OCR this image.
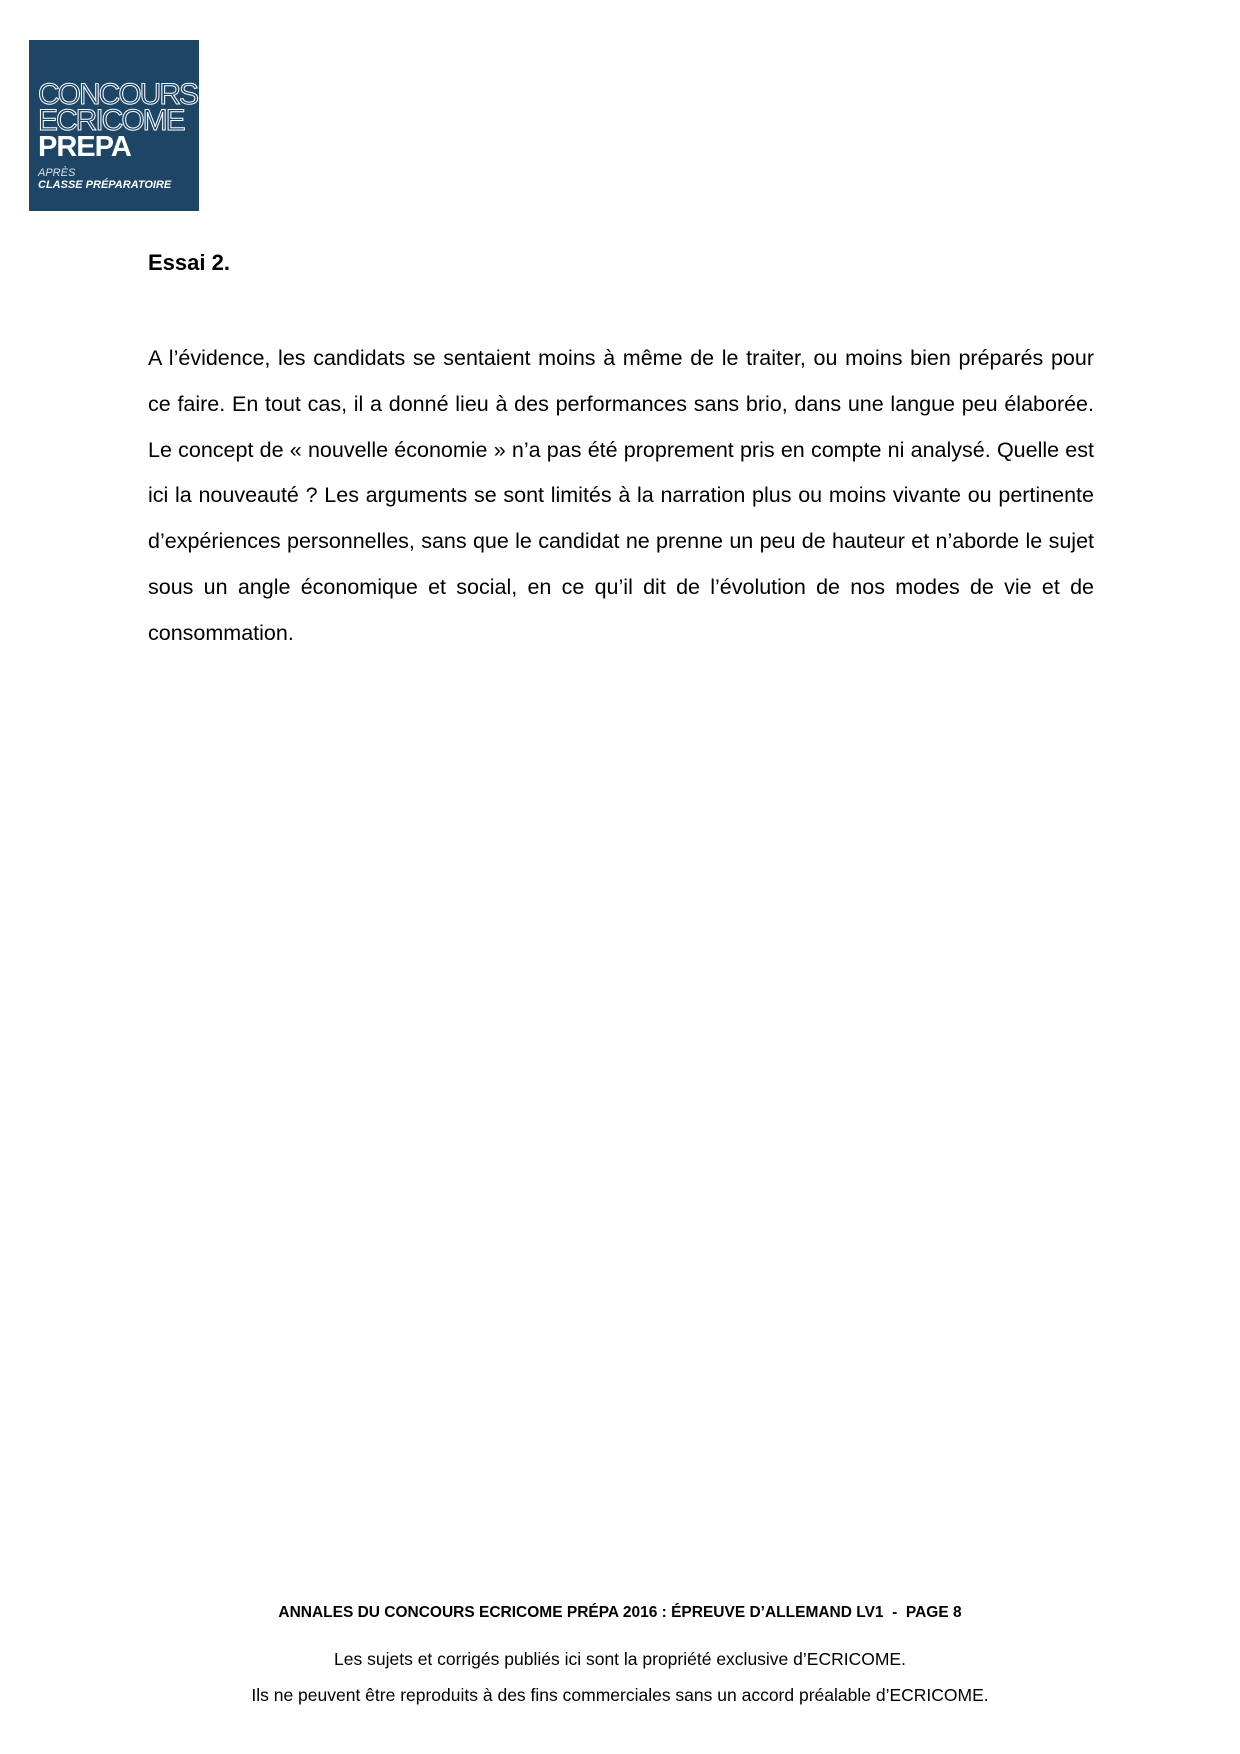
CONCOURS
ECRICOME
PREPA
APRÈS
CLASSE PRÉPARATOIRE
Essai 2.

A l’évidence, les candidats se sentaient moins à même de le traiter, ou moins bien préparés pour ce faire. En tout cas, il a donné lieu à des performances sans brio, dans une langue peu élaborée. Le concept de « nouvelle économie » n’a pas été proprement pris en compte ni analysé. Quelle est ici la nouveauté ? Les arguments se sont limités à la narration plus ou moins vivante ou pertinente d’expériences personnelles, sans que le candidat ne prenne un peu de hauteur et n’aborde le sujet sous un angle économique et social, en ce qu’il dit de l’évolution de nos modes de vie et de consommation.

ANNALES DU CONCOURS ECRICOME PRÉPA 2016 : ÉPREUVE D’ALLEMAND LV1  -  PAGE 8
Les sujets et corrigés publiés ici sont la propriété exclusive d’ECRICOME.
Ils ne peuvent être reproduits à des fins commerciales sans un accord préalable d’ECRICOME.
